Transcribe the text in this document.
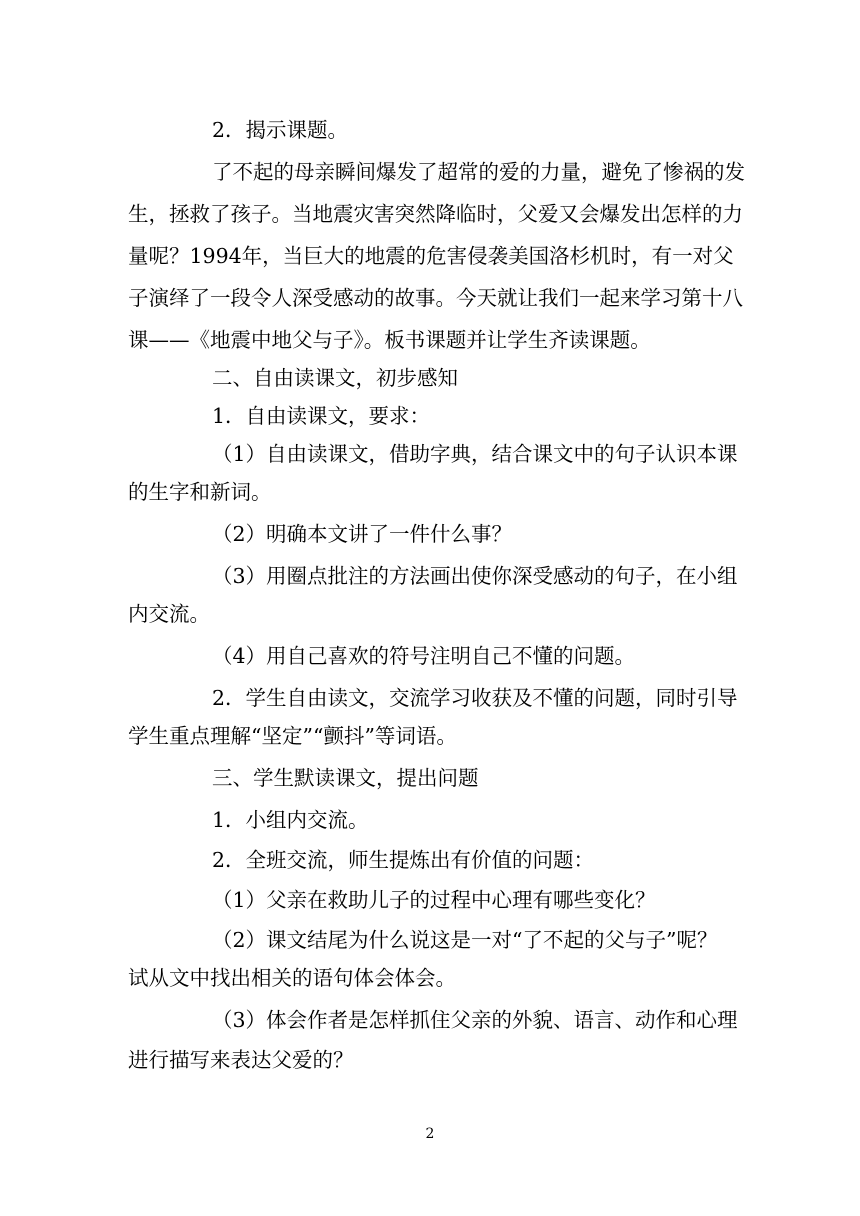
2．揭示课题。
了不起的母亲瞬间爆发了超常的爱的力量，避免了惨祸的发
生，拯救了孩子。当地震灾害突然降临时，父爱又会爆发出怎样的力
量呢？1994年，当巨大的地震的危害侵袭美国洛杉机时，有一对父
子演绎了一段令人深受感动的故事。今天就让我们一起来学习第十八
课——《地震中地父与子》。板书课题并让学生齐读课题。
二、自由读课文，初步感知
1．自由读课文，要求：
（1）自由读课文，借助字典，结合课文中的句子认识本课
的生字和新词。
（2）明确本文讲了一件什么事？
（3）用圈点批注的方法画出使你深受感动的句子，在小组
内交流。
（4）用自己喜欢的符号注明自己不懂的问题。
2．学生自由读文，交流学习收获及不懂的问题，同时引导
学生重点理解“坚定”“颤抖”等词语。
三、学生默读课文，提出问题
1．小组内交流。
2．全班交流，师生提炼出有价值的问题：
（1）父亲在救助儿子的过程中心理有哪些变化？
（2）课文结尾为什么说这是一对“了不起的父与子”呢？
试从文中找出相关的语句体会体会。
（3）体会作者是怎样抓住父亲的外貌、语言、动作和心理
进行描写来表达父爱的？
2
